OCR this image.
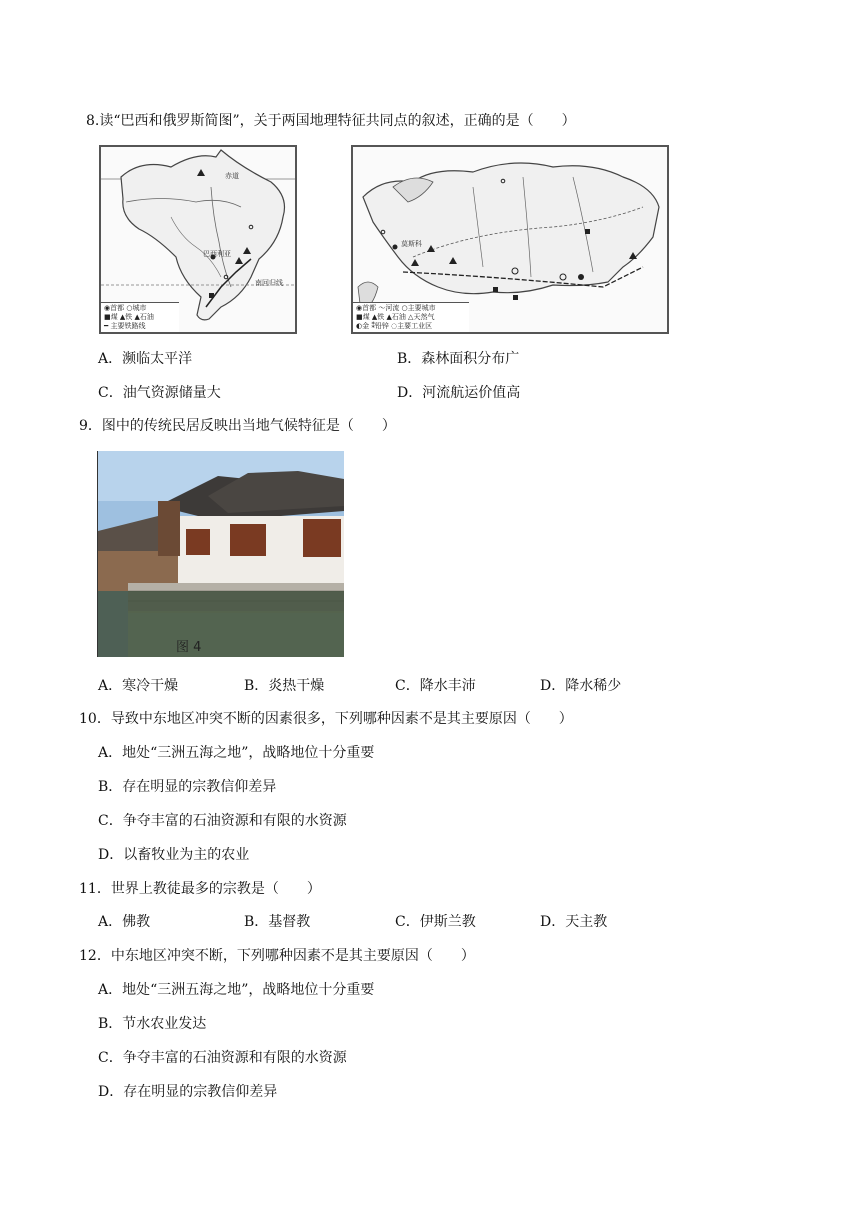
8.读“巴西和俄罗斯简图”，关于两国地理特征共同点的叙述，正确的是（　　）
赤道
巴西利亚
南回归线
◉首都 ○城市
■煤 ▲铁 ▲石油
━ 主要铁路线
莫斯科
◉首都 ～河流 ○主要城市
■煤 ▲铁 ▲石油 △天然气
◐金 ⁑铅锌 ◌主要工业区
A．濒临太平洋	B．森林面积分布广
C．油气资源储量大	D．河流航运价值高
9．图中的传统民居反映出当地气候特征是（　　）
图 4
A．寒冷干燥	B．炎热干燥	C．降水丰沛	D．降水稀少
10．导致中东地区冲突不断的因素很多，下列哪种因素不是其主要原因（　　）
A．地处“三洲五海之地”，战略地位十分重要
B．存在明显的宗教信仰差异
C．争夺丰富的石油资源和有限的水资源
D．以畜牧业为主的农业
11．世界上教徒最多的宗教是（　　）
A．佛教	B．基督教	C．伊斯兰教	D．天主教
12．中东地区冲突不断，下列哪种因素不是其主要原因（　　）
A．地处“三洲五海之地”，战略地位十分重要
B．节水农业发达
C．争夺丰富的石油资源和有限的水资源
D．存在明显的宗教信仰差异
